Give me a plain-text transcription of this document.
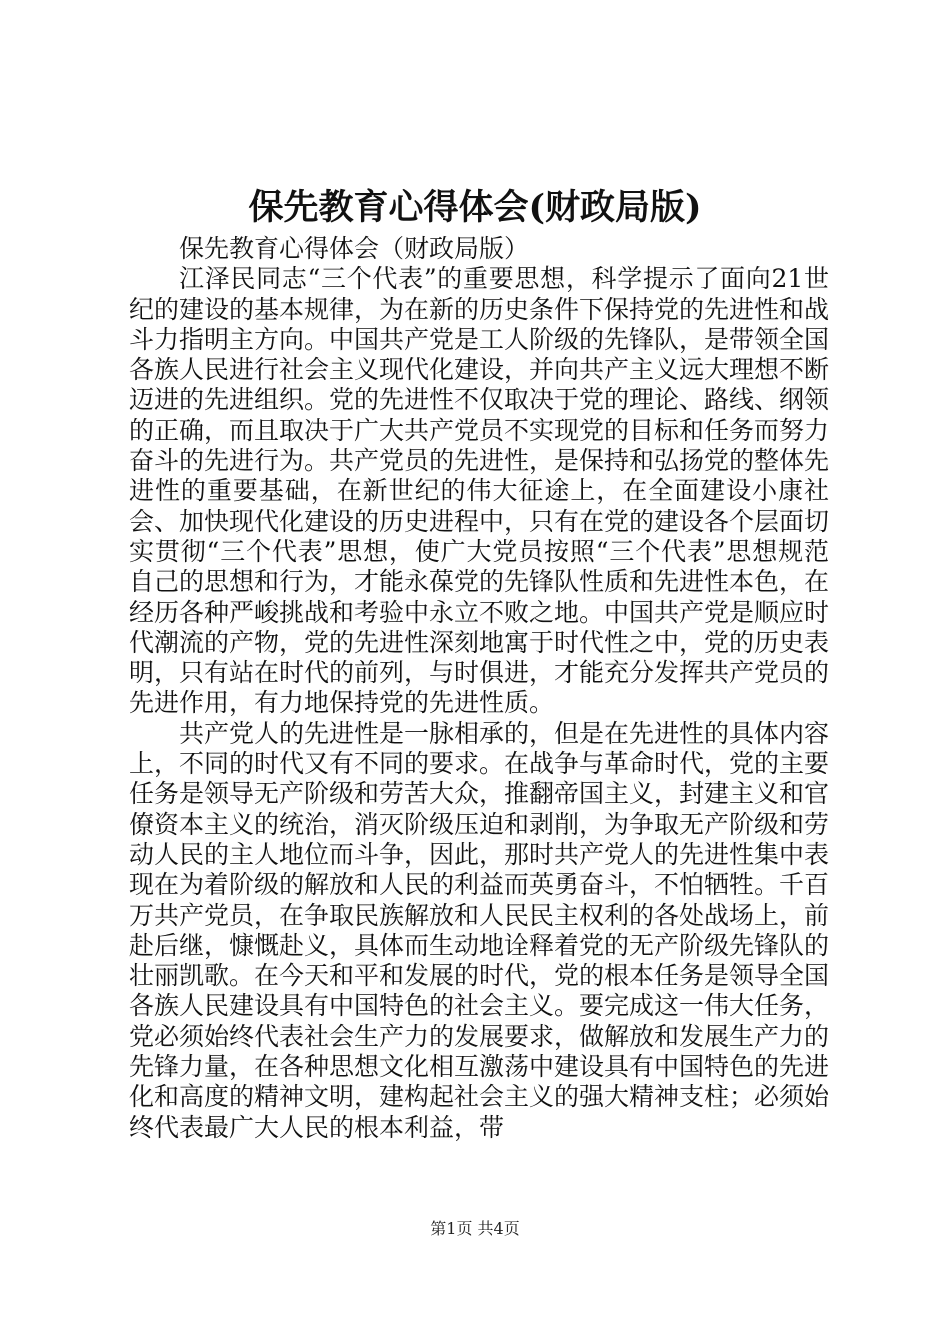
保先教育心得体会(财政局版)

保先教育心得体会（财政局版）

江泽民同志“三个代表”的重要思想，科学提示了面向21世纪的建设的基本规律，为在新的历史条件下保持党的先进性和战斗力指明主方向。中国共产党是工人阶级的先锋队，是带领全国各族人民进行社会主义现代化建设，并向共产主义远大理想不断迈进的先进组织。党的先进性不仅取决于党的理论、路线、纲领的正确，而且取决于广大共产党员不实现党的目标和任务而努力奋斗的先进行为。共产党员的先进性，是保持和弘扬党的整体先进性的重要基础，在新世纪的伟大征途上，在全面建设小康社会、加快现代化建设的历史进程中，只有在党的建设各个层面切实贯彻“三个代表”思想，使广大党员按照“三个代表”思想规范自己的思想和行为，才能永葆党的先锋队性质和先进性本色，在经历各种严峻挑战和考验中永立不败之地。中国共产党是顺应时代潮流的产物，党的先进性深刻地寓于时代性之中，党的历史表明，只有站在时代的前列，与时俱进，才能充分发挥共产党员的先进作用，有力地保持党的先进性质。

共产党人的先进性是一脉相承的，但是在先进性的具体内容上，不同的时代又有不同的要求。在战争与革命时代，党的主要任务是领导无产阶级和劳苦大众，推翻帝国主义，封建主义和官僚资本主义的统治，消灭阶级压迫和剥削，为争取无产阶级和劳动人民的主人地位而斗争，因此，那时共产党人的先进性集中表现在为着阶级的解放和人民的利益而英勇奋斗，不怕牺牲。千百万共产党员，在争取民族解放和人民民主权利的各处战场上，前赴后继，慷慨赴义，具体而生动地诠释着党的无产阶级先锋队的壮丽凯歌。在今天和平和发展的时代，党的根本任务是领导全国各族人民建设具有中国特色的社会主义。要完成这一伟大任务，党必须始终代表社会生产力的发展要求，做解放和发展生产力的先锋力量，在各种思想文化相互激荡中建设具有中国特色的先进化和高度的精神文明，建构起社会主义的强大精神支柱；必须始终代表最广大人民的根本利益，带

第1页 共4页
